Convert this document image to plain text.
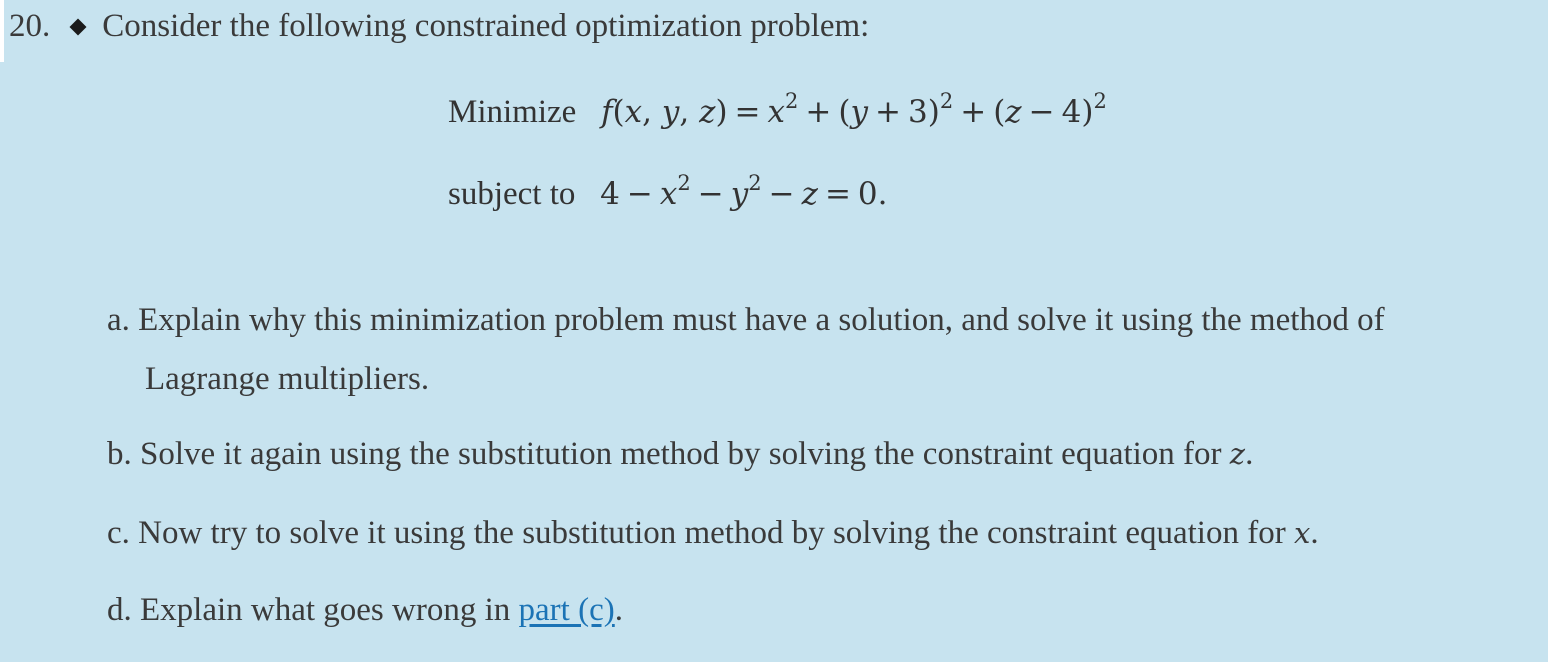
20. Consider the following constrained optimization problem:
Minimize f(x, y, $z) = x^2 + (y + 3)^2 + (z - 4)^2$
subject to $4 - x^2 - y^2 - z = 0$.
a. Explain why this minimization problem must have a solution, and solve it using the method of
Lagrange multipliers.
b. Solve it again using the substitution method by solving the constraint equation for z.
c. Now try to solve it using the substitution method by solving the constraint equation for x.
d. Explain what goes wrong in part (c).
